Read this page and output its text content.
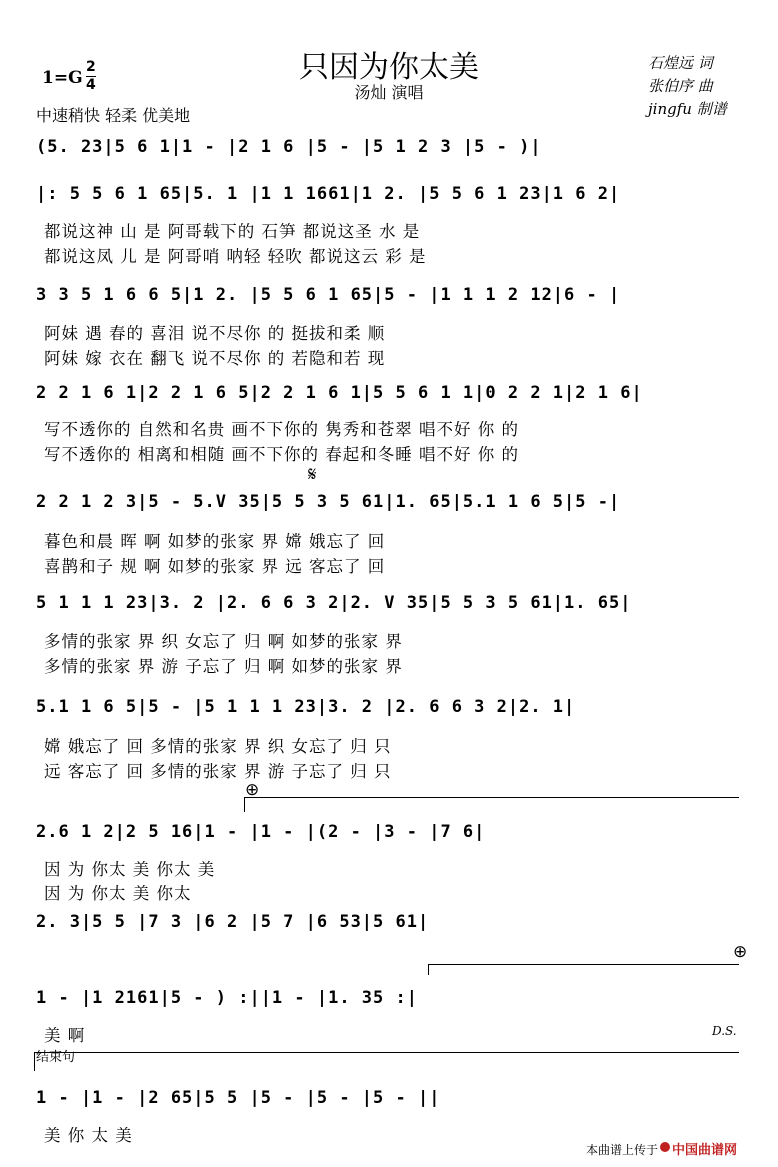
只因为你太美
汤灿 演唱
1=G
2
4
中速稍快 轻柔 优美地
石煌远 词
张伯序 曲
jingfu 制谱
(5. 23|5 6 1|1 - |2 1 6 |5 - |5 1 2 3 |5 - )|
|: 5 5 6 1 65|5. 1 |1 1 1661|1 2. |5 5 6 1 23|1 6 2|
都说这神 山 是 阿哥载下的 石笋 都说这圣 水 是
都说这凤 儿 是 阿哥哨 呐轻 轻吹 都说这云 彩 是
3 3 5 1 6 6 5|1 2. |5 5 6 1 65|5 - |1 1 1 2 12|6 - |
阿妹 遇 春的 喜泪 说不尽你 的 挺拔和柔 顺
阿妹 嫁 衣在 翻飞 说不尽你 的 若隐和若 现
2 2 1 6 1|2 2 1 6 5|2 2 1 6 1|5 5 6 1 1|0 2 2 1|2 1 6|
写不透你的 自然和名贵 画不下你的 隽秀和苍翠 唱不好 你 的
写不透你的 相离和相随 画不下你的 春起和冬睡 唱不好 你 的
𝄋
2 2 1 2 3|5 - 5.V 35|5 5 3 5 61|1. 65|5.1 1 6 5|5 -|
暮色和晨 晖 啊 如梦的张家 界 嫦 娥忘了 回
喜鹊和子 规 啊 如梦的张家 界 远 客忘了 回
5 1 1 1 23|3. 2 |2. 6 6 3 2|2. V 35|5 5 3 5 61|1. 65|
多情的张家 界 织 女忘了 归 啊 如梦的张家 界
多情的张家 界 游 子忘了 归 啊 如梦的张家 界
5.1 1 6 5|5 - |5 1 1 1 23|3. 2 |2. 6 6 3 2|2. 1|
嫦 娥忘了 回 多情的张家 界 织 女忘了 归 只
远 客忘了 回 多情的张家 界 游 子忘了 归 只
⊕
2.6 1 2|2 5 16|1 - |1 - |(2 - |3 - |7 6|
因 为 你太 美 你太 美
因 为 你太 美 你太
2. 3|5 5 |7 3 |6 2 |5 7 |6 53|5 61|
⊕
1 - |1 2161|5 - ) :||1 - |1. 35 :|
美 啊	D.S.
结束句
1 - |1 - |2 65|5 5 |5 - |5 - |5 - ||
美 你 太 美
本曲谱上传于 中国曲谱网
